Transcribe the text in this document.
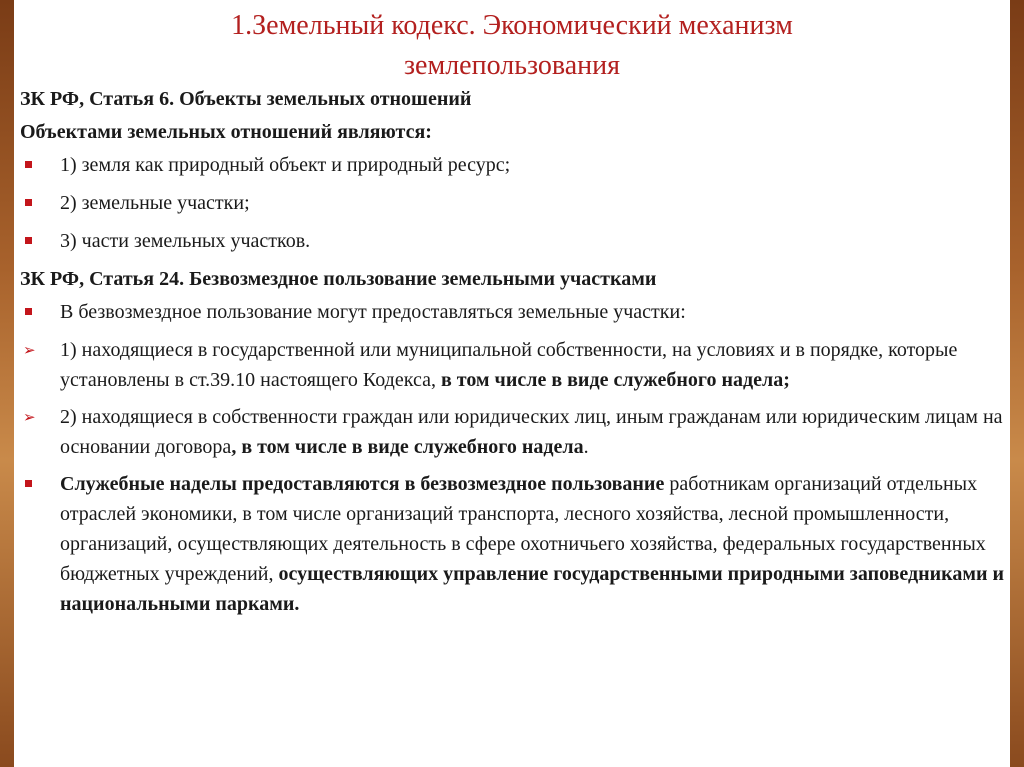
1.Земельный кодекс. Экономический механизм
землепользования

ЗК РФ, Статья 6. Объекты земельных отношений

Объектами земельных отношений являются:

1) земля как природный объект и природный ресурс;
2) земельные участки;
3) части земельных участков.

ЗК РФ, Статья 24. Безвозмездное пользование земельными участками

В безвозмездное пользование могут предоставляться земельные участки:
➢ 1) находящиеся в государственной или муниципальной собственности, на условиях и в порядке, которые установлены в ст.39.10 настоящего Кодекса, в том числе в виде служебного надела;
➢ 2) находящиеся в собственности граждан или юридических лиц, иным гражданам или юридическим лицам на основании договора, в том числе в виде служебного надела.
Служебные наделы предоставляются в безвозмездное пользование работникам организаций отдельных отраслей экономики, в том числе организаций транспорта, лесного хозяйства, лесной промышленности, организаций, осуществляющих деятельность в сфере охотничьего хозяйства, федеральных государственных бюджетных учреждений, осуществляющих управление государственными природными заповедниками и национальными парками.
